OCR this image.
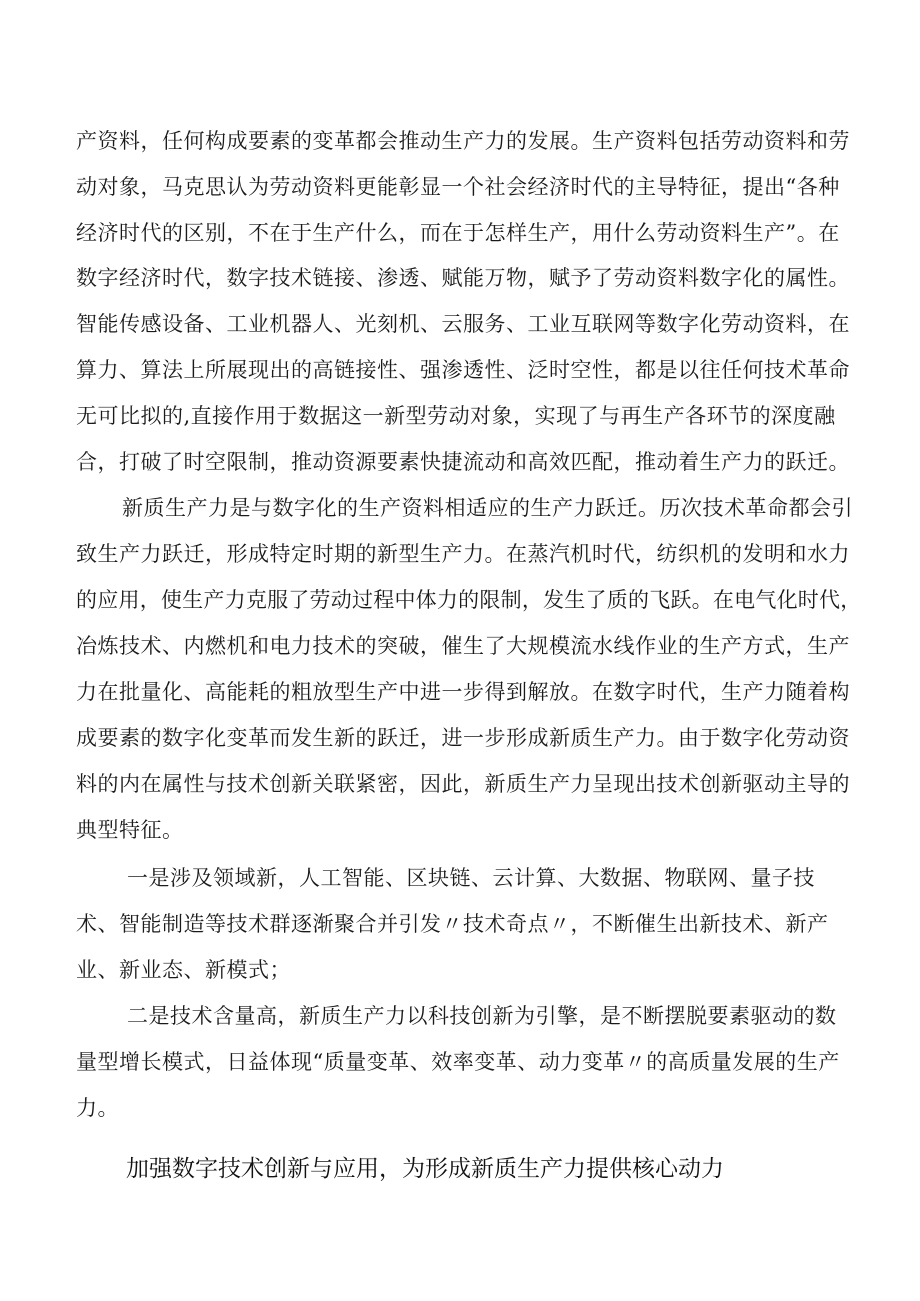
产资料，任何构成要素的变革都会推动生产力的发展。生产资料包括劳动资料和劳
动对象，马克思认为劳动资料更能彰显一个社会经济时代的主导特征，提出“各种
经济时代的区别，不在于生产什么，而在于怎样生产，用什么劳动资料生产”。在
数字经济时代，数字技术链接、渗透、赋能万物，赋予了劳动资料数字化的属性。
智能传感设备、工业机器人、光刻机、云服务、工业互联网等数字化劳动资料，在
算力、算法上所展现出的高链接性、强渗透性、泛时空性，都是以往任何技术革命
无可比拟的,直接作用于数据这一新型劳动对象，实现了与再生产各环节的深度融
合，打破了时空限制，推动资源要素快捷流动和高效匹配，推动着生产力的跃迁。
新质生产力是与数字化的生产资料相适应的生产力跃迁。历次技术革命都会引
致生产力跃迁，形成特定时期的新型生产力。在蒸汽机时代，纺织机的发明和水力
的应用，使生产力克服了劳动过程中体力的限制，发生了质的飞跃。在电气化时代，
冶炼技术、内燃机和电力技术的突破，催生了大规模流水线作业的生产方式，生产
力在批量化、高能耗的粗放型生产中进一步得到解放。在数字时代，生产力随着构
成要素的数字化变革而发生新的跃迁，进一步形成新质生产力。由于数字化劳动资
料的内在属性与技术创新关联紧密，因此，新质生产力呈现出技术创新驱动主导的
典型特征。
一是涉及领域新，人工智能、区块链、云计算、大数据、物联网、量子技
术、智能制造等技术群逐渐聚合并引发〃技术奇点〃，不断催生出新技术、新产
业、新业态、新模式；
二是技术含量高，新质生产力以科技创新为引擎，是不断摆脱要素驱动的数
量型增长模式，日益体现“质量变革、效率变革、动力变革〃的高质量发展的生产
力。
加强数字技术创新与应用，为形成新质生产力提供核心动力
